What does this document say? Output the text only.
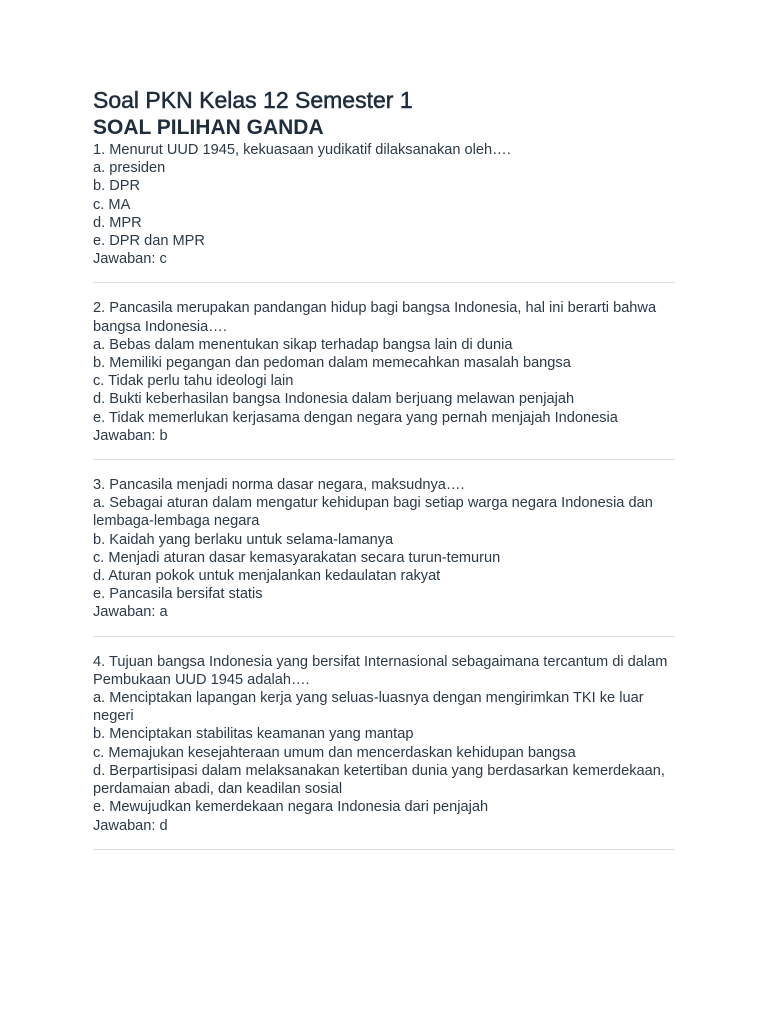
Soal PKN Kelas 12 Semester 1
SOAL PILIHAN GANDA
1. Menurut UUD 1945, kekuasaan yudikatif dilaksanakan oleh….
a. presiden
b. DPR
c. MA
d. MPR
e. DPR dan MPR
Jawaban: c
2. Pancasila merupakan pandangan hidup bagi bangsa Indonesia, hal ini berarti bahwa bangsa Indonesia….
a. Bebas dalam menentukan sikap terhadap bangsa lain di dunia
b. Memiliki pegangan dan pedoman dalam memecahkan masalah bangsa
c. Tidak perlu tahu ideologi lain
d. Bukti keberhasilan bangsa Indonesia dalam berjuang melawan penjajah
e. Tidak memerlukan kerjasama dengan negara yang pernah menjajah Indonesia
Jawaban: b
3. Pancasila menjadi norma dasar negara, maksudnya….
a. Sebagai aturan dalam mengatur kehidupan bagi setiap warga negara Indonesia dan lembaga-lembaga negara
b. Kaidah yang berlaku untuk selama-lamanya
c. Menjadi aturan dasar kemasyarakatan secara turun-temurun
d. Aturan pokok untuk menjalankan kedaulatan rakyat
e. Pancasila bersifat statis
Jawaban: a
4. Tujuan bangsa Indonesia yang bersifat Internasional sebagaimana tercantum di dalam Pembukaan UUD 1945 adalah….
a. Menciptakan lapangan kerja yang seluas-luasnya dengan mengirimkan TKI ke luar negeri
b. Menciptakan stabilitas keamanan yang mantap
c. Memajukan kesejahteraan umum dan mencerdaskan kehidupan bangsa
d. Berpartisipasi dalam melaksanakan ketertiban dunia yang berdasarkan kemerdekaan, perdamaian abadi, dan keadilan sosial
e. Mewujudkan kemerdekaan negara Indonesia dari penjajah
Jawaban: d
